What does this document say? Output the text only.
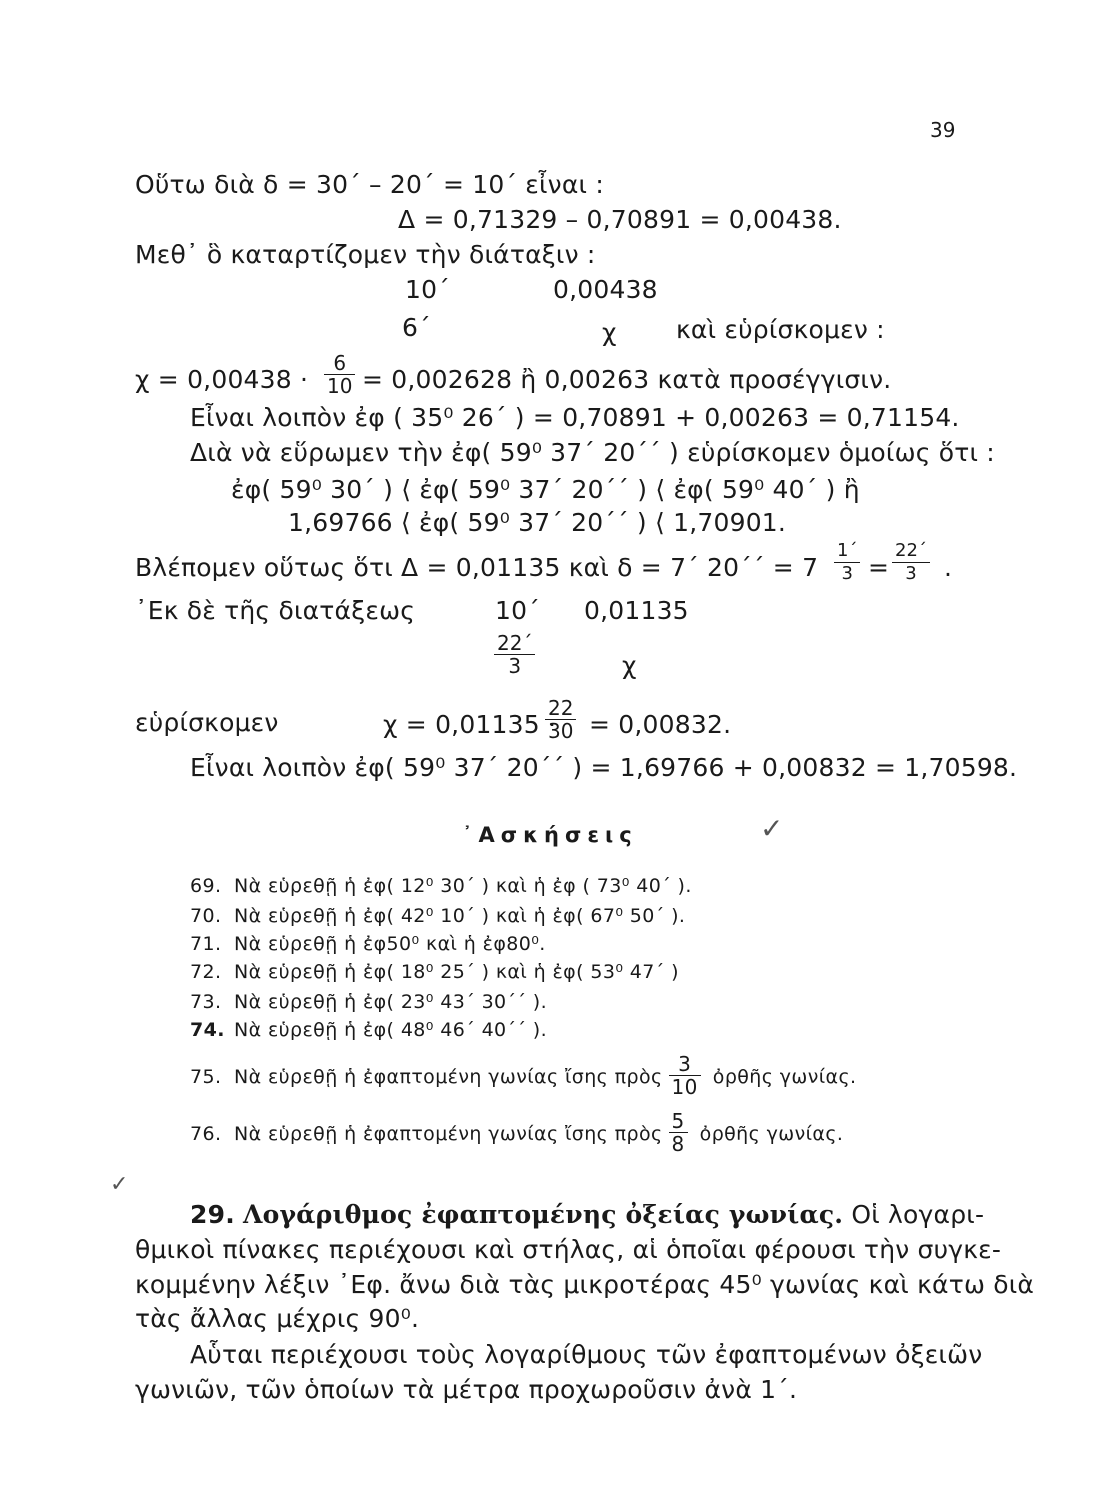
39
Οὕτω διὰ δ = 30΄ – 20΄ = 10΄ εἶναι :
Δ = 0,71329 – 0,70891 = 0,00438.
Μεθ᾽ ὃ καταρτίζομεν τὴν διάταξιν :
10΄	0,00438
6΄	χ καὶ εὑρίσκομεν :
$\chi = 0,00438 \cdot \frac{6}{10} = 0,002628$ ἢ 0,00263 κατὰ προσέγγισιν.
Εἶναι λοιπὸν ἐφ ( 35⁰ 26΄ ) = 0,70891 + 0,00263 = 0,71154.
Διὰ νὰ εὕρωμεν τὴν ἐφ( 59⁰ 37΄ 20΄΄ ) εὑρίσκομεν ὁμοίως ὅτι :
ἐφ( 59⁰ 30΄ ) ⟨ ἐφ( 59⁰ 37΄ 20΄΄ ) ⟨ ἐφ( 59⁰ 40΄ ) ἢ
1,69766 ⟨ ἐφ( 59⁰ 37΄ 20΄΄ ) ⟨ 1,70901.
Βλέπομεν οὕτως ὅτι Δ = 0,01135 καὶ δ = 7΄ $20΄΄ = 7 \frac{1΄}{3} = \frac{22΄}{3}$ .
᾽Εκ δὲ τῆς διατάξεως	10΄ 0,01135
$\frac{22΄}{3}$	χ
εὑρίσκομεν	χ = 0,01135 ·
$\frac{22}{30} = 0,00832$.
Εἶναι λοιπὸν ἐφ( 59⁰ 37΄ 20΄΄ ) = 1,69766 + 0,00832 = 1,70598.
᾽Ασκήσεις	✓
69. Νὰ εὑρεθῇ ἡ ἐφ( 12⁰ 30΄ ) καὶ ἡ ἐφ ( 73⁰ 40΄ ).
70. Νὰ εὑρεθῇ ἡ ἐφ( 42⁰ 10΄ ) καὶ ἡ ἐφ( 67⁰ 50΄ ).
71. Νὰ εὑρεθῇ ἡ ἐφ50⁰ καὶ ἡ ἐφ80⁰.
72. Νὰ εὑρεθῇ ἡ ἐφ( 18⁰ 25΄ ) καὶ ἡ ἐφ( 53⁰ 47΄ )
73. Νὰ εὑρεθῇ ἡ ἐφ( 23⁰ 43΄ 30΄΄ ).
74. Νὰ εὑρεθῇ ἡ ἐφ( 48⁰ 46΄ 40΄΄ ).
75. Νὰ εὑρεθῇ ἡ ἐφαπτομένη γωνίας ἴσης πρὸς $\frac{3}{10}$ ὀρθῆς γωνίας.
76. Νὰ εὑρεθῇ ἡ ἐφαπτομένη γωνίας ἴσης πρὸς $\frac{5}{8}$ ὀρθῆς γωνίας.
✓
29. Λογάριθμος ἐφαπτομένης ὀξείας γωνίας. Οἱ λογαρι-
θμικοὶ πίνακες περιέχουσι καὶ στήλας, αἱ ὁποῖαι φέρουσι τὴν συγκε-
κομμένην λέξιν ᾽Εφ. ἄνω διὰ τὰς μικροτέρας 45⁰ γωνίας καὶ κάτω διὰ
τὰς ἄλλας μέχρις 90⁰.
Αὗται περιέχουσι τοὺς λογαρίθμους τῶν ἐφαπτομένων ὀξειῶν
γωνιῶν, τῶν ὁποίων τὰ μέτρα προχωροῦσιν ἀνὰ 1΄.
